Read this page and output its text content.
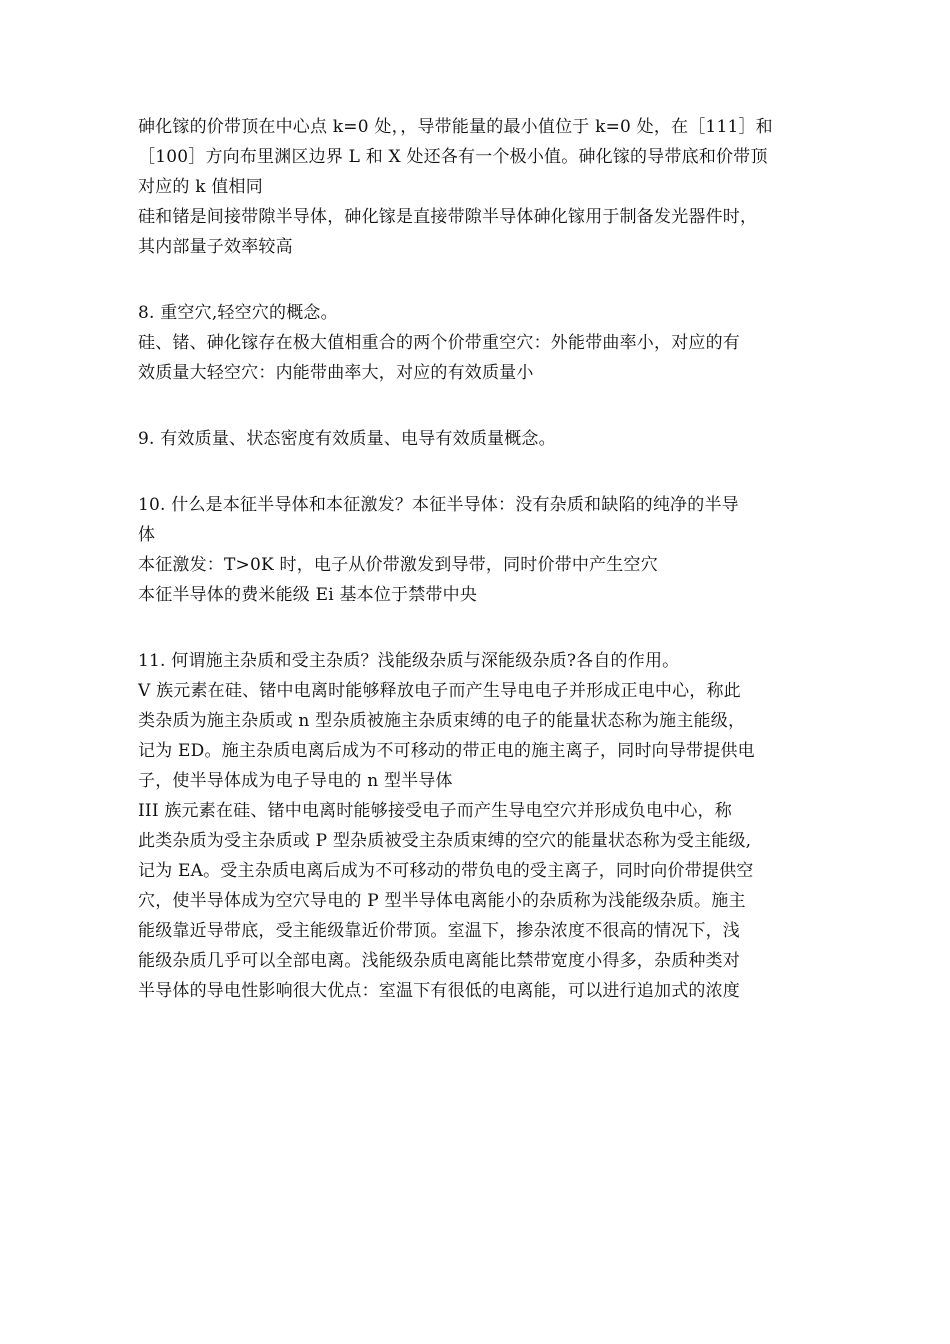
砷化镓的价带顶在中心点 k=0 处，，导带能量的最小值位于 k=0 处，在［111］和
［100］方向布里渊区边界 L 和 X 处还各有一个极小值。砷化镓的导带底和价带顶
对应的 k 值相同
硅和锗是间接带隙半导体，砷化镓是直接带隙半导体砷化镓用于制备发光器件时，
其内部量子效率较高
8. 重空穴,轻空穴的概念。
硅、锗、砷化镓存在极大值相重合的两个价带重空穴：外能带曲率小，对应的有
效质量大轻空穴：内能带曲率大，对应的有效质量小
9. 有效质量、状态密度有效质量、电导有效质量概念。
10. 什么是本征半导体和本征激发？本征半导体：没有杂质和缺陷的纯净的半导
体
本征激发：T>0K 时，电子从价带激发到导带，同时价带中产生空穴
本征半导体的费米能级 Ei 基本位于禁带中央
11. 何谓施主杂质和受主杂质？浅能级杂质与深能级杂质?各自的作用。
V 族元素在硅、锗中电离时能够释放电子而产生导电电子并形成正电中心，称此
类杂质为施主杂质或 n 型杂质被施主杂质束缚的电子的能量状态称为施主能级，
记为 ED。施主杂质电离后成为不可移动的带正电的施主离子，同时向导带提供电
子，使半导体成为电子导电的 n 型半导体
III 族元素在硅、锗中电离时能够接受电子而产生导电空穴并形成负电中心，称
此类杂质为受主杂质或 P 型杂质被受主杂质束缚的空穴的能量状态称为受主能级,
记为 EA。受主杂质电离后成为不可移动的带负电的受主离子，同时向价带提供空
穴，使半导体成为空穴导电的 P 型半导体电离能小的杂质称为浅能级杂质。施主
能级靠近导带底，受主能级靠近价带顶。室温下，掺杂浓度不很高的情况下，浅
能级杂质几乎可以全部电离。浅能级杂质电离能比禁带宽度小得多，杂质种类对
半导体的导电性影响很大优点：室温下有很低的电离能，可以进行追加式的浓度
